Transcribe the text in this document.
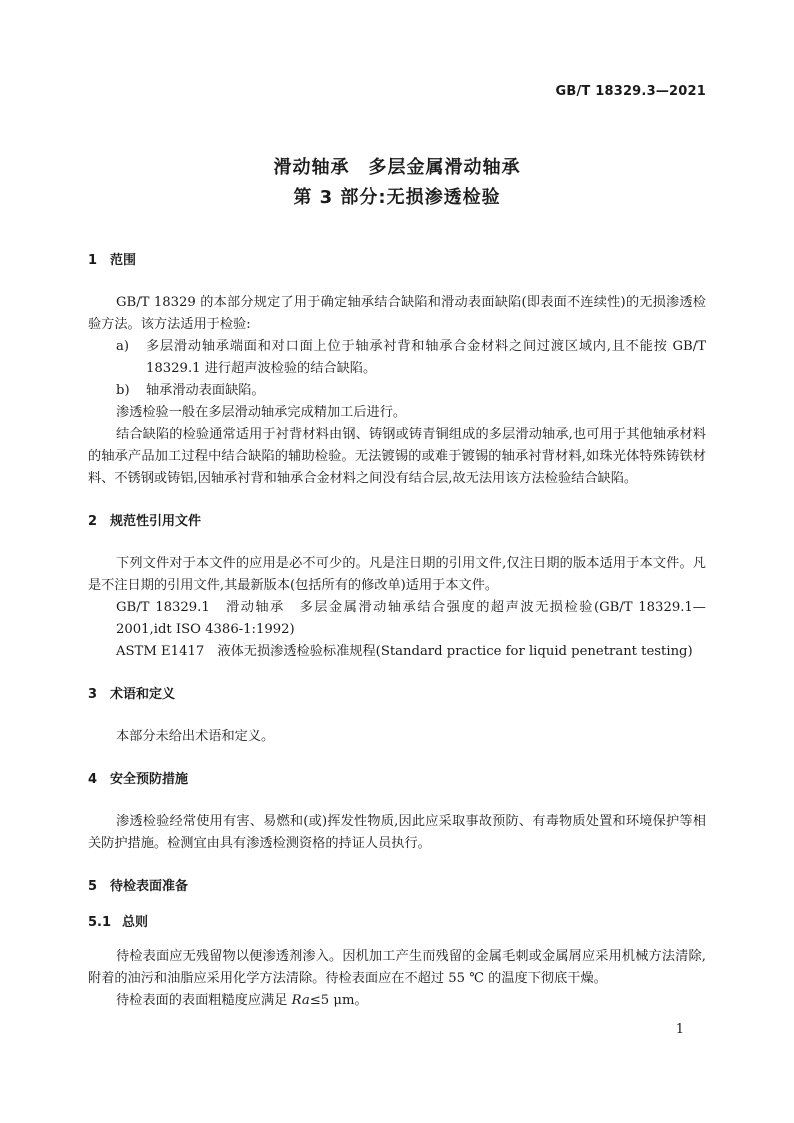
GB/T 18329.3—2021
滑动轴承　多层金属滑动轴承
第 3 部分:无损渗透检验
1 范围
GB/T 18329 的本部分规定了用于确定轴承结合缺陷和滑动表面缺陷(即表面不连续性)的无损渗透检验方法。该方法适用于检验:
a)	多层滑动轴承端面和对口面上位于轴承衬背和轴承合金材料之间过渡区域内,且不能按 GB/T 18329.1 进行超声波检验的结合缺陷。
b)	轴承滑动表面缺陷。
渗透检验一般在多层滑动轴承完成精加工后进行。
结合缺陷的检验通常适用于衬背材料由钢、铸钢或铸青铜组成的多层滑动轴承,也可用于其他轴承材料的轴承产品加工过程中结合缺陷的辅助检验。无法镀锡的或难于镀锡的轴承衬背材料,如珠光体特殊铸铁材料、不锈钢或铸铝,因轴承衬背和轴承合金材料之间没有结合层,故无法用该方法检验结合缺陷。
2 规范性引用文件
下列文件对于本文件的应用是必不可少的。凡是注日期的引用文件,仅注日期的版本适用于本文件。凡是不注日期的引用文件,其最新版本(包括所有的修改单)适用于本文件。
GB/T 18329.1　滑动轴承　多层金属滑动轴承结合强度的超声波无损检验(GB/T 18329.1—2001,idt ISO 4386-1:1992)
ASTM E1417　液体无损渗透检验标准规程(Standard practice for liquid penetrant testing)
3 术语和定义
本部分未给出术语和定义。
4 安全预防措施
渗透检验经常使用有害、易燃和(或)挥发性物质,因此应采取事故预防、有毒物质处置和环境保护等相关防护措施。检测宜由具有渗透检测资格的持证人员执行。
5 待检表面准备
5.1 总则
待检表面应无残留物以便渗透剂渗入。因机加工产生而残留的金属毛刺或金属屑应采用机械方法清除,附着的油污和油脂应采用化学方法清除。待检表面应在不超过 55 ℃ 的温度下彻底干燥。
待检表面的表面粗糙度应满足 Ra≤5 μm。
1
